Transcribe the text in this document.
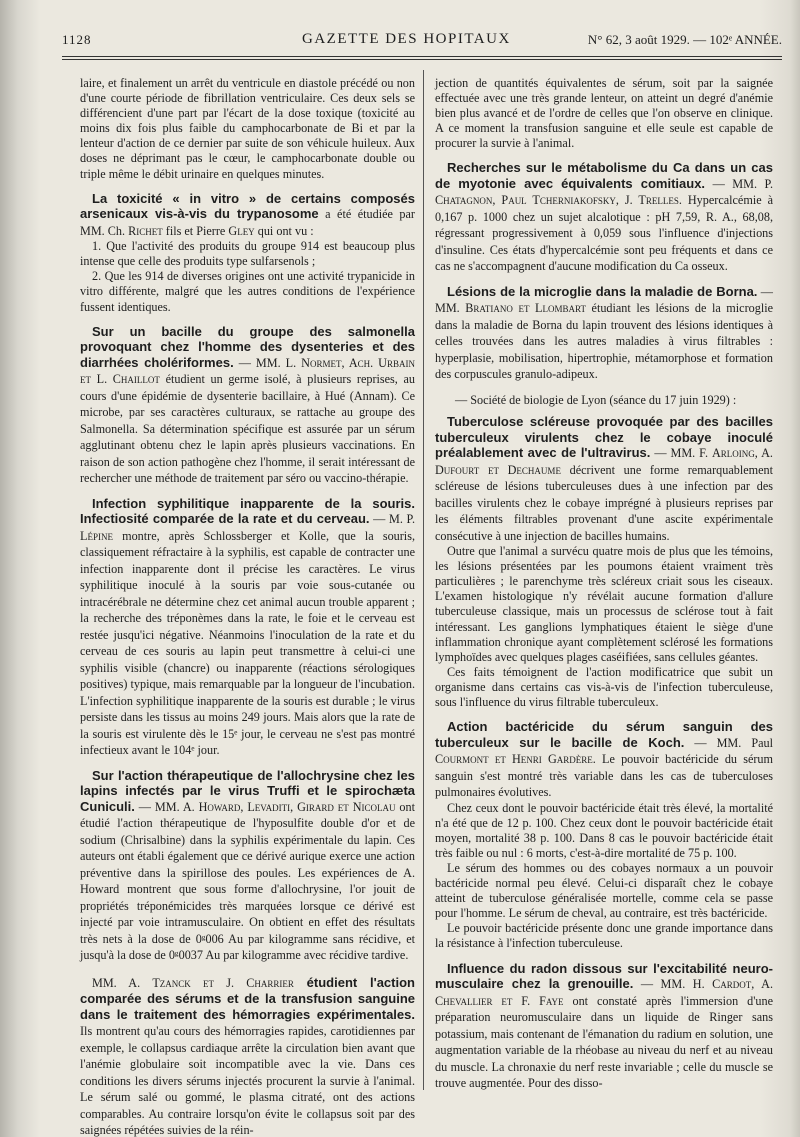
1128	GAZETTE DES HOPITAUX	N° 62, 3 août 1929. — 102ᵉ ANNÉE.

laire, et finalement un arrêt du ventricule en diastole précédé ou non d'une courte période de fibrillation ventriculaire. Ces deux sels se différencient d'une part par l'écart de la dose toxique (toxicité au moins dix fois plus faible du camphocarbonate de Bi et par la lenteur d'action de ce dernier par suite de son véhicule huileux. Aux doses ne déprimant pas le cœur, le camphocarbonate double ou triple même le débit urinaire en quelques minutes.

La toxicité « in vitro » de certains composés arsenicaux vis-à-vis du trypanosome a été étudiée par MM. Ch. Richet fils et Pierre Gley qui ont vu :

1. Que l'activité des produits du groupe 914 est beaucoup plus intense que celle des produits type sulfarsenols ;

2. Que les 914 de diverses origines ont une activité trypanicide in vitro différente, malgré que les autres conditions de l'expérience fussent identiques.

Sur un bacille du groupe des salmonella provoquant chez l'homme des dysenteries et des diarrhées cholériformes. — MM. L. Normet, Ach. Urbain et L. Chaillot étudient un germe isolé, à plusieurs reprises, au cours d'une épidémie de dysenterie bacillaire, à Hué (Annam). Ce microbe, par ses caractères culturaux, se rattache au groupe des Salmonella. Sa détermination spécifique est assurée par un sérum agglutinant obtenu chez le lapin après plusieurs vaccinations. En raison de son action pathogène chez l'homme, il serait intéressant de rechercher une méthode de traitement par séro ou vaccino-thérapie.
Infection syphilitique inapparente de la souris. Infectiosité comparée de la rate et du cerveau. — M. P. Lépine montre, après Schlossberger et Kolle, que la souris, classiquement réfractaire à la syphilis, est capable de contracter une infection inapparente dont il précise les caractères. Le virus syphilitique inoculé à la souris par voie sous-cutanée ou intracérébrale ne détermine chez cet animal aucun trouble apparent ; la recherche des tréponèmes dans la rate, le foie et le cerveau est restée jusqu'ici négative. Néanmoins l'inoculation de la rate et du cerveau de ces souris au lapin peut transmettre à celui-ci une syphilis visible (chancre) ou inapparente (réactions sérologiques positives) typique, mais remarquable par la longueur de l'incubation. L'infection syphilitique inapparente de la souris est durable ; le virus persiste dans les tissus au moins 249 jours. Mais alors que la rate de la souris est virulente dès le 15ᵉ jour, le cerveau ne s'est pas montré infectieux avant le 104ᵉ jour.
Sur l'action thérapeutique de l'allochrysine chez les lapins infectés par le virus Truffi et le spirochæta Cuniculi. — MM. A. Howard, Levaditi, Girard et Nicolau ont étudié l'action thérapeutique de l'hyposulfite double d'or et de sodium (Chrisalbine) dans la syphilis expérimentale du lapin. Ces auteurs ont établi également que ce dérivé aurique exerce une action préventive dans la spirillose des poules. Les expériences de A. Howard montrent que sous forme d'allochrysine, l'or jouit de propriétés tréponémicides très marquées lorsque ce dérivé est injecté par voie intramusculaire. On obtient en effet des résultats très nets à la dose de 0ᵍ006 Au par kilogramme sans récidive, et jusqu'à la dose de 0ᵍ0037 Au par kilogramme avec récidive tardive.
MM. A. Tzanck et J. Charrier étudient l'action comparée des sérums et de la transfusion sanguine dans le traitement des hémorragies expérimentales. Ils montrent qu'au cours des hémorragies rapides, carotidiennes par exemple, le collapsus cardiaque arrête la circulation bien avant que l'anémie globulaire soit incompatible avec la vie. Dans ces conditions les divers sérums injectés procurent la survie à l'animal. Le sérum salé ou gommé, le plasma citraté, ont des actions comparables. Au contraire lorsqu'on évite le collapsus soit par des saignées répétées suivies de la réin-

jection de quantités équivalentes de sérum, soit par la saignée effectuée avec une très grande lenteur, on atteint un degré d'anémie bien plus avancé et de l'ordre de celles que l'on observe en clinique. A ce moment la transfusion sanguine et elle seule est capable de procurer la survie à l'animal.

Recherches sur le métabolisme du Ca dans un cas de myotonie avec équivalents comitiaux. — MM. P. Chatagnon, Paul Tchernіakofsky, J. Trelles. Hypercalcémie à 0,167 p. 1000 chez un sujet alcalotique : pH 7,59, R. A., 68,08, régressant progressivement à 0,059 sous l'influence d'injections d'insuline. Ces états d'hypercalcémie sont peu fréquents et dans ce cas ne s'accompagnent d'aucune modification du Ca osseux.
Lésions de la microglie dans la maladie de Borna. — MM. Bratiano et Llombart étudiant les lésions de la microglie dans la maladie de Borna du lapin trouvent des lésions identiques à celles trouvées dans les autres maladies à virus filtrables : hyperplasie, mobilisation, hipertrophie, métamorphose et formation des corpuscules granulo-adipeux.

— Société de biologie de Lyon (séance du 17 juin 1929) :

Tuberculose scléreuse provoquée par des bacilles tuberculeux virulents chez le cobaye inoculé préalablement avec de l'ultravirus. — MM. F. Arloing, A. Dufourt et Dechaume décrivent une forme remarquablement scléreuse de lésions tuberculeuses dues à une infection par des bacilles virulents chez le cobaye imprégné à plusieurs reprises par les éléments filtrables provenant d'une ascite expérimentale consécutive à une injection de bacilles humains.

Outre que l'animal a survécu quatre mois de plus que les témoins, les lésions présentées par les poumons étaient vraiment très particulières ; le parenchyme très scléreux criait sous les ciseaux. L'examen histologique n'y révélait aucune formation d'allure tuberculeuse classique, mais un processus de sclérose tout à fait intéressant. Les ganglions lymphatiques étaient le siège d'une inflammation chronique ayant complètement sclérosé les formations lymphoïdes avec quelques plages caséifiées, sans cellules géantes.

Ces faits témoignent de l'action modificatrice que subit un organisme dans certains cas vis-à-vis de l'infection tuberculeuse, sous l'influence du virus filtrable tuberculeux.

Action bactéricide du sérum sanguin des tuberculeux sur le bacille de Koch. — MM. Paul Courmont et Henri Gardère. Le pouvoir bactéricide du sérum sanguin s'est montré très variable dans les cas de tuberculoses pulmonaires évolutives.

Chez ceux dont le pouvoir bactéricide était très élevé, la mortalité n'a été que de 12 p. 100. Chez ceux dont le pouvoir bactéricide était moyen, mortalité 38 p. 100. Dans 8 cas le pouvoir bactéricide était très faible ou nul : 6 morts, c'est-à-dire mortalité de 75 p. 100.

Le sérum des hommes ou des cobayes normaux a un pouvoir bactéricide normal peu élevé. Celui-ci disparaît chez le cobaye atteint de tuberculose généralisée mortelle, comme cela se passe pour l'homme. Le sérum de cheval, au contraire, est très bactéricide.

Le pouvoir bactéricide présente donc une grande importance dans la résistance à l'infection tuberculeuse.

Influence du radon dissous sur l'excitabilité neuro-musculaire chez la grenouille. — MM. H. Cardot, A. Chevallier et F. Faye ont constaté après l'immersion d'une préparation neuromusculaire dans un liquide de Ringer sans potassium, mais contenant de l'émanation du radium en solution, une augmentation variable de la rhéobase au niveau du nerf et au niveau du muscle. La chronaxie du nerf reste invariable ; celle du muscle se trouve augmentée. Pour des disso-
